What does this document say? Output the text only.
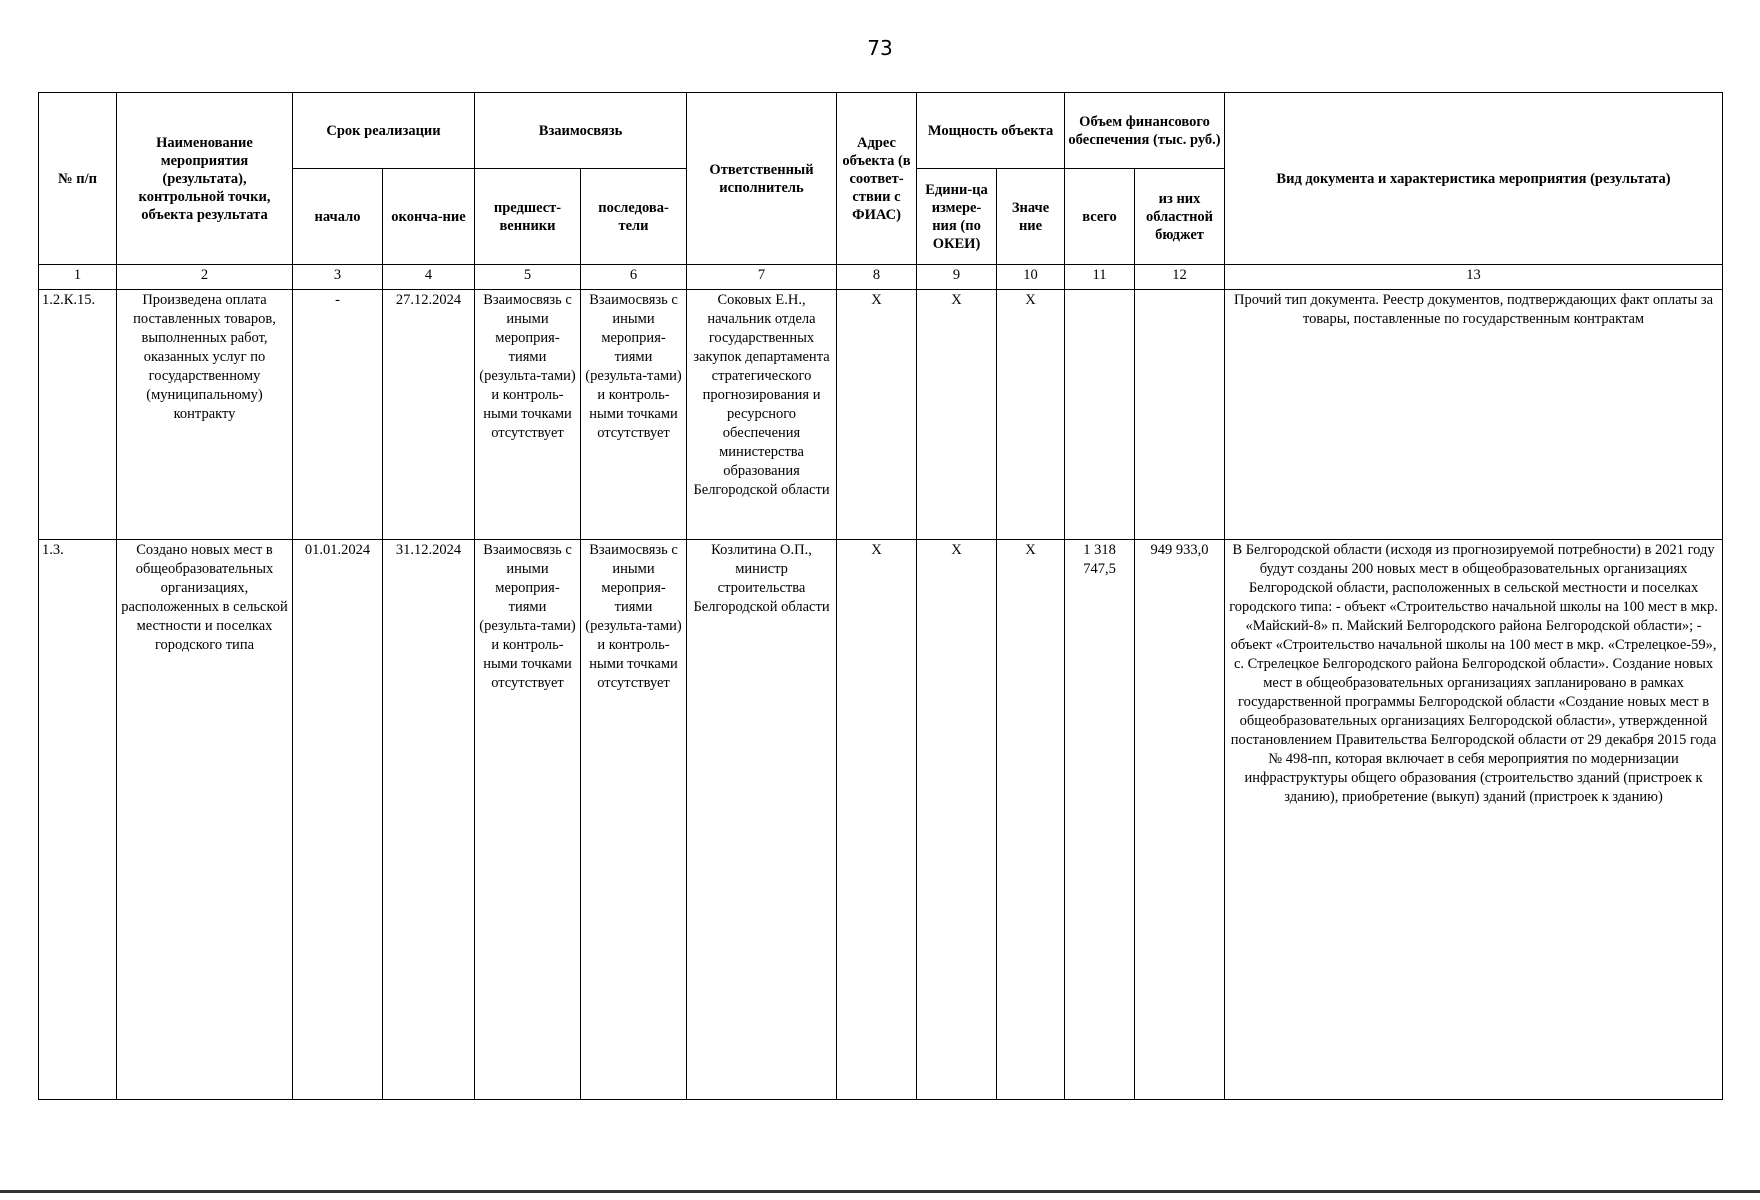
73
№ п/п	Наименование мероприятия (результата), контрольной точки, объекта результата	Срок реализации		Взаимосвязь		Ответственный исполнитель	Адрес объекта (в соответ-ствии с ФИАС)	Мощность объекта		Объем финансового обеспечения (тыс. руб.)		Вид документа и характеристика мероприятия (результата)
		начало	оконча-ние	предшест-венники	последова-тели			Едини-ца измере-ния (по ОКЕИ)	Значе ние	всего	из них областной бюджет	
1	2	3	4	5	6	7	8	9	10	11	12	13
1.2.К.15.	Произведена оплата поставленных товаров, выполненных работ, оказанных услуг по государственному (муниципальному) контракту	-	27.12.2024	Взаимосвязь с иными мероприя-тиями (результа-тами) и контроль-ными точками отсутствует	Взаимосвязь с иными мероприя-тиями (результа-тами) и контроль-ными точками отсутствует	Соковых Е.Н., начальник отдела государственных закупок департамента стратегического прогнозирования и ресурсного обеспечения министерства образования Белгородской области	X	X	X			Прочий тип документа. Реестр документов, подтверждающих факт оплаты за товары, поставленные по государственным контрактам
1.3.	Создано новых мест в общеобразовательных организациях, расположенных в сельской местности и поселках городского типа	01.01.2024	31.12.2024	Взаимосвязь с иными мероприя-тиями (результа-тами) и контроль-ными точками отсутствует	Взаимосвязь с иными мероприя-тиями (результа-тами) и контроль-ными точками отсутствует	Козлитина О.П., министр строительства Белгородской области	X	X	X	1 318 747,5	949 933,0	В Белгородской области (исходя из прогнозируемой потребности) в 2021 году будут созданы 200 новых мест в общеобразовательных организациях Белгородской области, расположенных в сельской местности и поселках городского типа: - объект «Строительство начальной школы на 100 мест в мкр. «Майский-8» п. Майский Белгородского района Белгородской области»; - объект «Строительство начальной школы на 100 мест в мкр. «Стрелецкое-59», с. Стрелецкое Белгородского района Белгородской области». Создание новых мест в общеобразовательных организациях запланировано в рамках государственной программы Белгородской области «Создание новых мест в общеобразовательных организациях Белгородской области», утвержденной постановлением Правительства Белгородской области от 29 декабря 2015 года № 498-пп, которая включает в себя мероприятия по модернизации инфраструктуры общего образования (строительство зданий (пристроек к зданию), приобретение (выкуп) зданий (пристроек к зданию)
